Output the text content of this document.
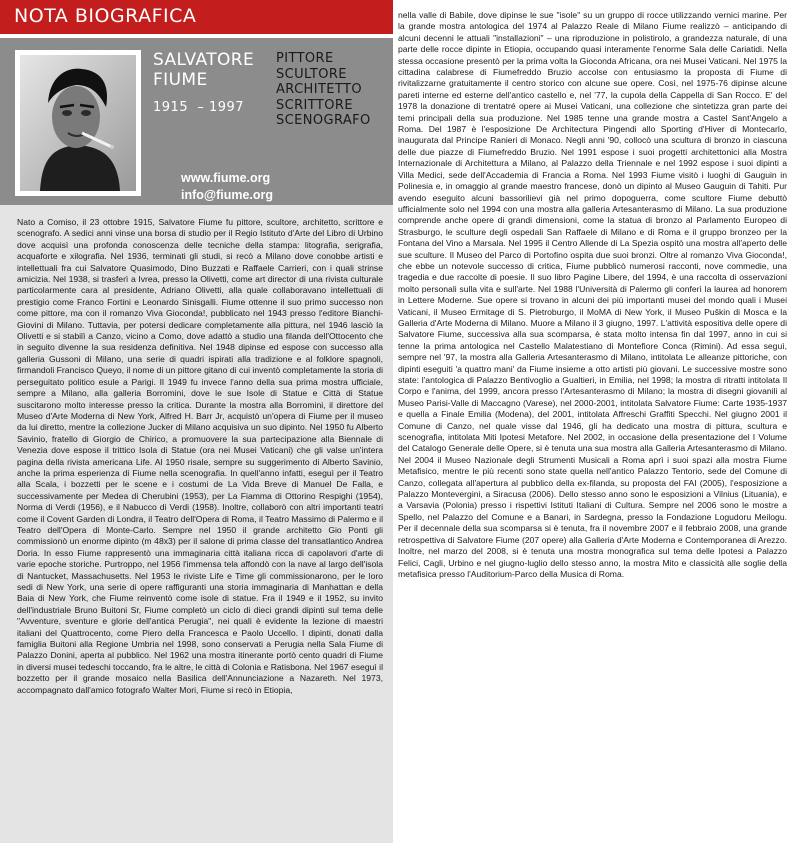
NOTA BIOGRAFICA
SALVATORE
FIUME
1915  – 1997
PITTORE
SCULTORE
ARCHITETTO
SCRITTORE
SCENOGRAFO
www.fiume.org
info@fiume.org

Nato a Comiso, il 23 ottobre 1915, Salvatore Fiume fu pittore, scultore, architetto, scrittore e scenografo. A sedici anni vinse una borsa di studio per il Regio Istituto d'Arte del Libro di Urbino dove acquisì una profonda conoscenza delle tecniche della stampa: litografia, serigrafia, acquaforte e xilografia. Nel 1936, terminati gli studi, si recò a Milano dove conobbe artisti e intellettuali fra cui Salvatore Quasimodo, Dino Buzzati e Raffaele Carrieri, con i quali strinse amicizia. Nel 1938, si trasferì a Ivrea, presso la Olivetti, come art director di una rivista culturale particolarmente cara al presidente, Adriano Olivetti, alla quale collaboravano intellettuali di prestigio come Franco Fortini e Leonardo Sinisgalli. Fiume ottenne il suo primo successo non come pittore, ma con il romanzo Viva Gioconda!, pubblicato nel 1943 presso l'editore Bianchi-Giovini di Milano. Tuttavia, per potersi dedicare completamente alla pittura, nel 1946 lasciò la Olivetti e si stabilì a Canzo, vicino a Como, dove adattò a studio una filanda dell'Ottocento che in seguito divenne la sua residenza definitiva. Nel 1948 dipinse ed espose con successo alla galleria Gussoni di Milano, una serie di quadri ispirati alla tradizione e al folklore spagnoli, firmandoli Francisco Queyo, il nome di un pittore gitano di cui inventò completamente la storia di perseguitato politico esule a Parigi. Il 1949 fu invece l'anno della sua prima mostra ufficiale, sempre a Milano, alla galleria Borromini, dove le sue Isole di Statue e Città di Statue suscitarono molto interesse presso la critica. Durante la mostra alla Borromini, il direttore del Museo d'Arte Moderna di New York, Alfred H. Barr Jr, acquistò un'opera di Fiume per il museo da lui diretto, mentre la collezione Jucker di Milano acquisiva un suo dipinto. Nel 1950 fu Alberto Savinio, fratello di Giorgio de Chirico, a promuovere la sua partecipazione alla Biennale di Venezia dove espose il trittico Isola di Statue (ora nei Musei Vaticani) che gli valse un'intera pagina della rivista americana Life. Al 1950 risale, sempre su suggerimento di Alberto Savinio, anche la prima esperienza di Fiume nella scenografia. In quell'anno infatti, eseguì per il Teatro alla Scala, i bozzetti per le scene e i costumi de La Vida Breve di Manuel De Falla, e successivamente per Medea di Cherubini (1953), per La Fiamma di Ottorino Respighi (1954), Norma di Verdi (1956), e il Nabucco di Verdi (1958). Inoltre, collaborò con altri importanti teatri come il Covent Garden di Londra, il Teatro dell'Opera di Roma, il Teatro Massimo di Palermo e il Teatro dell'Opera di Monte-Carlo. Sempre nel 1950 il grande architetto Gio Ponti gli commissionò un enorme dipinto (m 48x3) per il salone di prima classe del transatlantico Andrea Doria. In esso Fiume rappresentò una immaginaria città italiana ricca di capolavori d'arte di varie epoche storiche. Purtroppo, nel 1956 l'immensa tela affondò con la nave al largo dell'isola di Nantucket, Massachusetts. Nel 1953 le riviste Life e Time gli commissionarono, per le loro sedi di New York, una serie di opere raffiguranti una storia immaginaria di Manhattan e della Baia di New York, che Fiume reinventò come isole di statue. Fra il 1949 e il 1952, su invito dell'industriale Bruno Buitoni Sr, Fiume completò un ciclo di dieci grandi dipinti sul tema delle "Avventure, sventure e glorie dell'antica Perugia", nei quali è evidente la lezione di maestri italiani del Quattrocento, come Piero della Francesca e Paolo Uccello. I dipinti, donati dalla famiglia Buitoni alla Regione Umbria nel 1998, sono conservati a Perugia nella Sala Fiume di Palazzo Donini, aperta al pubblico. Nel 1962 una mostra itinerante portò cento quadri di Fiume in diversi musei tedeschi toccando, fra le altre, le città di Colonia e Ratisbona. Nel 1967 eseguì il bozzetto per il grande mosaico nella Basilica dell'Annunciazione a Nazareth. Nel 1973, accompagnato dall'amico fotografo Walter Mori, Fiume si recò in Etiopia,

nella valle di Babile, dove dipinse le sue "isole" su un gruppo di rocce utilizzando vernici marine. Per la grande mostra antologica del 1974 al Palazzo Reale di Milano Fiume realizzò – anticipando di alcuni decenni le attuali "installazioni" – una riproduzione in polistirolo, a grandezza naturale, di una parte delle rocce dipinte in Etiopia, occupando quasi interamente l'enorme Sala delle Cariatidi. Nella stessa occasione presentò per la prima volta la Gioconda Africana, ora nei Musei Vaticani. Nel 1975 la cittadina calabrese di Fiumefreddo Bruzio accolse con entusiasmo la proposta di Fiume di rivitalizzarne gratuitamente il centro storico con alcune sue opere. Così, nel 1975-76 dipinse alcune pareti interne ed esterne dell'antico castello e, nel '77, la cupola della Cappella di San Rocco. E' del 1978 la donazione di trentatré opere ai Musei Vaticani, una collezione che sintetizza gran parte dei temi principali della sua produzione. Nel 1985 tenne una grande mostra a Castel Sant'Angelo a Roma. Del 1987 è l'esposizione De Architectura Pingendi allo Sporting d'Hiver di Montecarlo, inaugurata dal Principe Ranieri di Monaco. Negli anni '90, collocò una scultura di bronzo in ciascuna delle due piazze di Fiumefreddo Bruzio. Nel 1991 espose i suoi progetti architettonici alla Mostra Internazionale di Architettura a Milano, al Palazzo della Triennale e nel 1992 espose i suoi dipinti a Villa Medici, sede dell'Accademia di Francia a Roma. Nel 1993 Fiume visitò i luoghi di Gauguin in Polinesia e, in omaggio al grande maestro francese, donò un dipinto al Museo Gauguin di Tahiti. Pur avendo eseguito alcuni bassorilievi già nel primo dopoguerra, come scultore Fiume debuttò ufficialmente solo nel 1994 con una mostra alla galleria Artesanterasmo di Milano. La sua produzione comprende anche opere di grandi dimensioni, come la statua di bronzo al Parlamento Europeo di Strasburgo, le sculture degli ospedali San Raffaele di Milano e di Roma e il gruppo bronzeo per la Fontana del Vino a Marsala. Nel 1995 il Centro Allende di La Spezia ospitò una mostra all'aperto delle sue sculture. Il Museo del Parco di Portofino ospita due suoi bronzi. Oltre al romanzo Viva Gioconda!, che ebbe un notevole successo di critica, Fiume pubblicò numerosi racconti, nove commedie, una tragedia e due raccolte di poesie. Il suo libro Pagine Libere, del 1994, è una raccolta di osservazioni molto personali sulla vita e sull'arte. Nel 1988 l'Università di Palermo gli conferì la laurea ad honorem in Lettere Moderne. Sue opere si trovano in alcuni dei più importanti musei del mondo quali i Musei Vaticani, il Museo Ermitage di S. Pietroburgo, il MoMA di New York, il Museo Puškin di Mosca e la Galleria d'Arte Moderna di Milano. Muore a Milano il 3 giugno, 1997. L'attività espositiva delle opere di Salvatore Fiume, successiva alla sua scomparsa, è stata molto intensa fin dal 1997, anno in cui si tenne la prima antologica nel Castello Malatestiano di Montefiore Conca (Rimini). Ad essa seguì, sempre nel '97, la mostra alla Galleria Artesanterasmo di Milano, intitolata Le alleanze pittoriche, con dipinti eseguiti 'a quattro mani' da Fiume insieme a otto artisti più giovani. Le successive mostre sono state: l'antologica di Palazzo Bentivoglio a Gualtieri, in Emilia, nel 1998; la mostra di ritratti intitolata Il Corpo e l'anima, del 1999, ancora presso l'Artesanterasmo di Milano; la mostra di disegni giovanili al Museo Parisi-Valle di Maccagno (Varese), nel 2000-2001, intitolata Salvatore Fiume: Carte 1935-1937 e quella a Finale Emilia (Modena), del 2001, intitolata Affreschi Graffiti Specchi. Nel giugno 2001 il Comune di Canzo, nel quale visse dal 1946, gli ha dedicato una mostra di pittura, scultura e scenografia, intitolata Miti Ipotesi Metafore. Nel 2002, in occasione della presentazione del I Volume del Catalogo Generale delle Opere, si è tenuta una sua mostra alla Galleria Artesanterasmo di Milano. Nel 2004 il Museo Nazionale degli Strumenti Musicali a Roma aprì i suoi spazi alla mostra Fiume Metafisico, mentre le più recenti sono state quella nell'antico Palazzo Tentorio, sede del Comune di Canzo, collegata all'apertura al pubblico della ex-filanda, su proposta del FAI (2005), l'esposizione a Palazzo Montevergini, a Siracusa (2006). Dello stesso anno sono le esposizioni a Vilnius (Lituania), e a Varsavia (Polonia) presso i rispettivi Istituti Italiani di Cultura. Sempre nel 2006 sono le mostre a Spello, nel Palazzo del Comune e a Banari, in Sardegna, presso la Fondazione Logudoru Meilogu. Per il decennale della sua scomparsa si è tenuta, fra il novembre 2007 e il febbraio 2008, una grande retrospettiva di Salvatore Fiume (207 opere) alla Galleria d'Arte Moderna e Contemporanea di Arezzo. Inoltre, nel marzo del 2008, si è tenuta una mostra monografica sul tema delle Ipotesi a Palazzo Felici, Cagli, Urbino e nel giugno-luglio dello stesso anno, la mostra Mito e classicità alle soglie della metafisica presso l'Auditorium-Parco della Musica di Roma.
